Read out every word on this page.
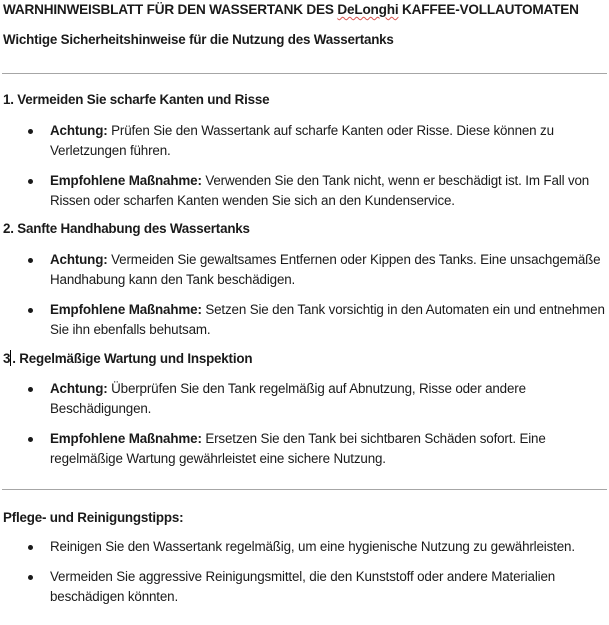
WARNHINWEISBLATT FÜR DEN WASSERTANK DES DeLonghi KAFFEE-VOLLAUTOMATEN
Wichtige Sicherheitshinweise für die Nutzung des Wassertanks
1. Vermeiden Sie scharfe Kanten und Risse
Achtung: Prüfen Sie den Wassertank auf scharfe Kanten oder Risse. Diese können zu Verletzungen führen.
Empfohlene Maßnahme: Verwenden Sie den Tank nicht, wenn er beschädigt ist. Im Fall von Rissen oder scharfen Kanten wenden Sie sich an den Kundenservice.
2. Sanfte Handhabung des Wassertanks
Achtung: Vermeiden Sie gewaltsames Entfernen oder Kippen des Tanks. Eine unsachgemäße Handhabung kann den Tank beschädigen.
Empfohlene Maßnahme: Setzen Sie den Tank vorsichtig in den Automaten ein und entnehmen Sie ihn ebenfalls behutsam.
3 . Regelmäßige Wartung und Inspektion
Achtung: Überprüfen Sie den Tank regelmäßig auf Abnutzung, Risse oder andere Beschädigungen.
Empfohlene Maßnahme: Ersetzen Sie den Tank bei sichtbaren Schäden sofort. Eine regelmäßige Wartung gewährleistet eine sichere Nutzung.
Pflege- und Reinigungstipps:
Reinigen Sie den Wassertank regelmäßig, um eine hygienische Nutzung zu gewährleisten.
Vermeiden Sie aggressive Reinigungsmittel, die den Kunststoff oder andere Materialien beschädigen könnten.
